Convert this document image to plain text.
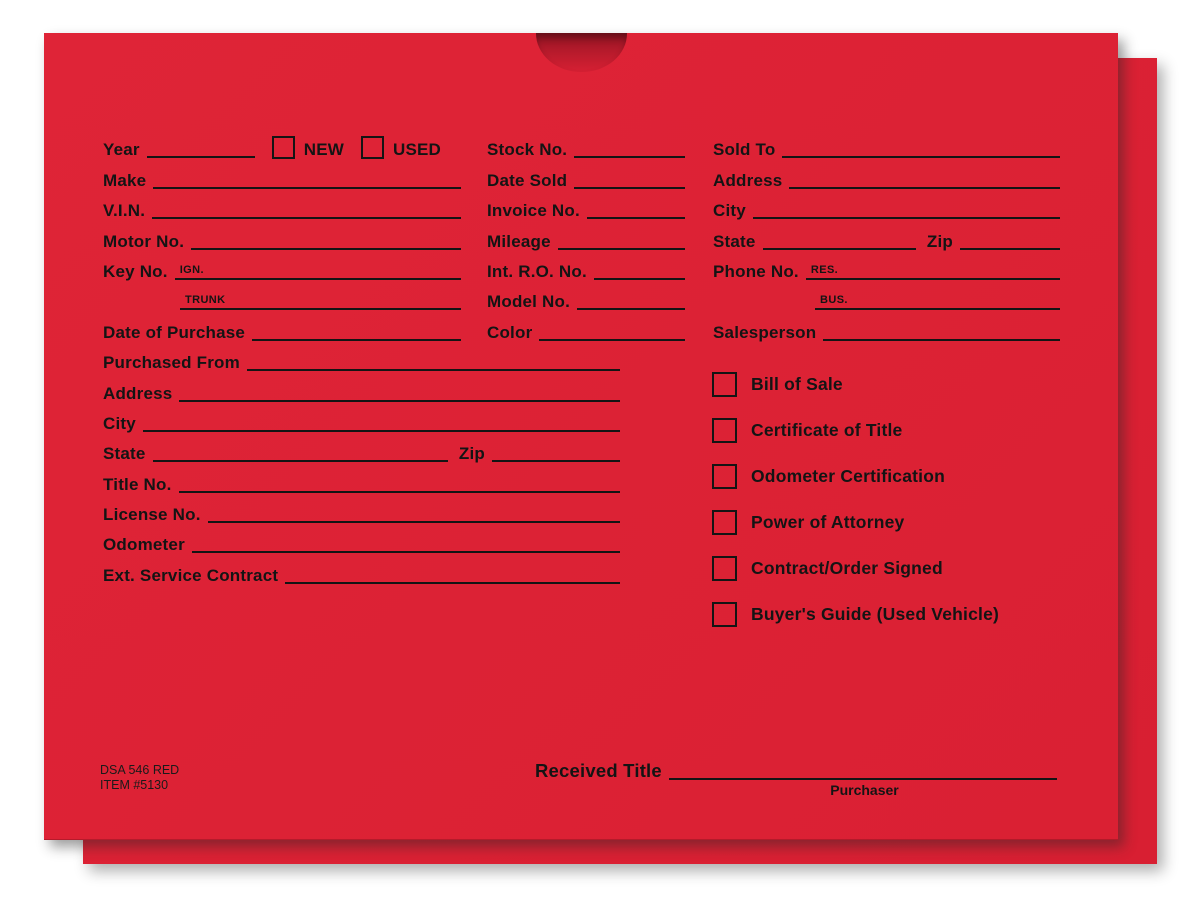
Year	NEW	USED
Make
V.I.N.
Motor No.
Key No.	IGN.
TRUNK
Date of Purchase
Purchased From
Address
City
State	Zip
Title No.
License No.
Odometer
Ext. Service Contract
Stock No.
Date Sold
Invoice No.
Mileage
Int. R.O. No.
Model No.
Color
Sold To
Address
City
State	Zip
Phone No.	RES.
BUS.
Salesperson
Bill of Sale
Certificate of Title
Odometer Certification
Power of Attorney
Contract/Order Signed
Buyer's Guide (Used Vehicle)
DSA 546 RED
ITEM #5130
Received Title
Purchaser
